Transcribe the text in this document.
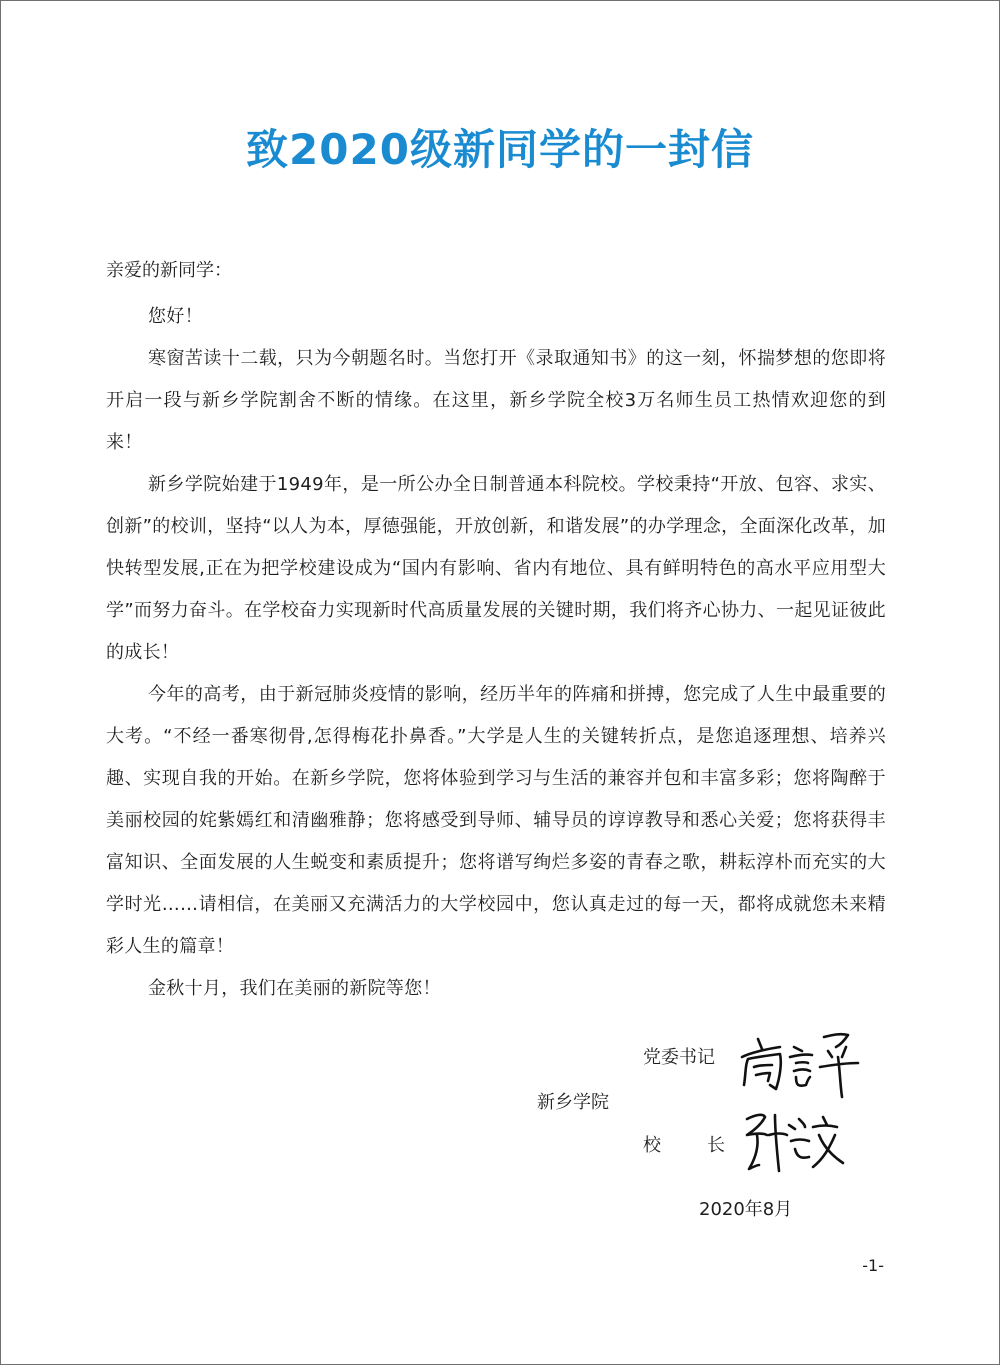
致2020级新同学的一封信
亲爱的新同学：

您好！

寒窗苦读十二载，只为今朝题名时。当您打开《录取通知书》的这一刻，怀揣梦想的您即将开启一段与新乡学院割舍不断的情缘。在这里，新乡学院全校3万名师生员工热情欢迎您的到来！

新乡学院始建于1949年，是一所公办全日制普通本科院校。学校秉持“开放、包容、求实、创新”的校训，坚持“以人为本，厚德强能，开放创新，和谐发展”的办学理念，全面深化改革，加快转型发展,正在为把学校建设成为“国内有影响、省内有地位、具有鲜明特色的高水平应用型大学”而努力奋斗。在学校奋力实现新时代高质量发展的关键时期，我们将齐心协力、一起见证彼此的成长！

今年的高考，由于新冠肺炎疫情的影响，经历半年的阵痛和拼搏，您完成了人生中最重要的大考。“不经一番寒彻骨,怎得梅花扑鼻香。”大学是人生的关键转折点，是您追逐理想、培养兴趣、实现自我的开始。在新乡学院，您将体验到学习与生活的兼容并包和丰富多彩；您将陶醉于美丽校园的姹紫嫣红和清幽雅静；您将感受到导师、辅导员的谆谆教导和悉心关爱；您将获得丰富知识、全面发展的人生蜕变和素质提升；您将谱写绚烂多姿的青春之歌，耕耘淳朴而充实的大学时光……请相信，在美丽又充满活力的大学校园中，您认真走过的每一天，都将成就您未来精彩人生的篇章！

金秋十月，我们在美丽的新院等您！

党委书记
新乡学院
校	长
2020年8月
-1-
